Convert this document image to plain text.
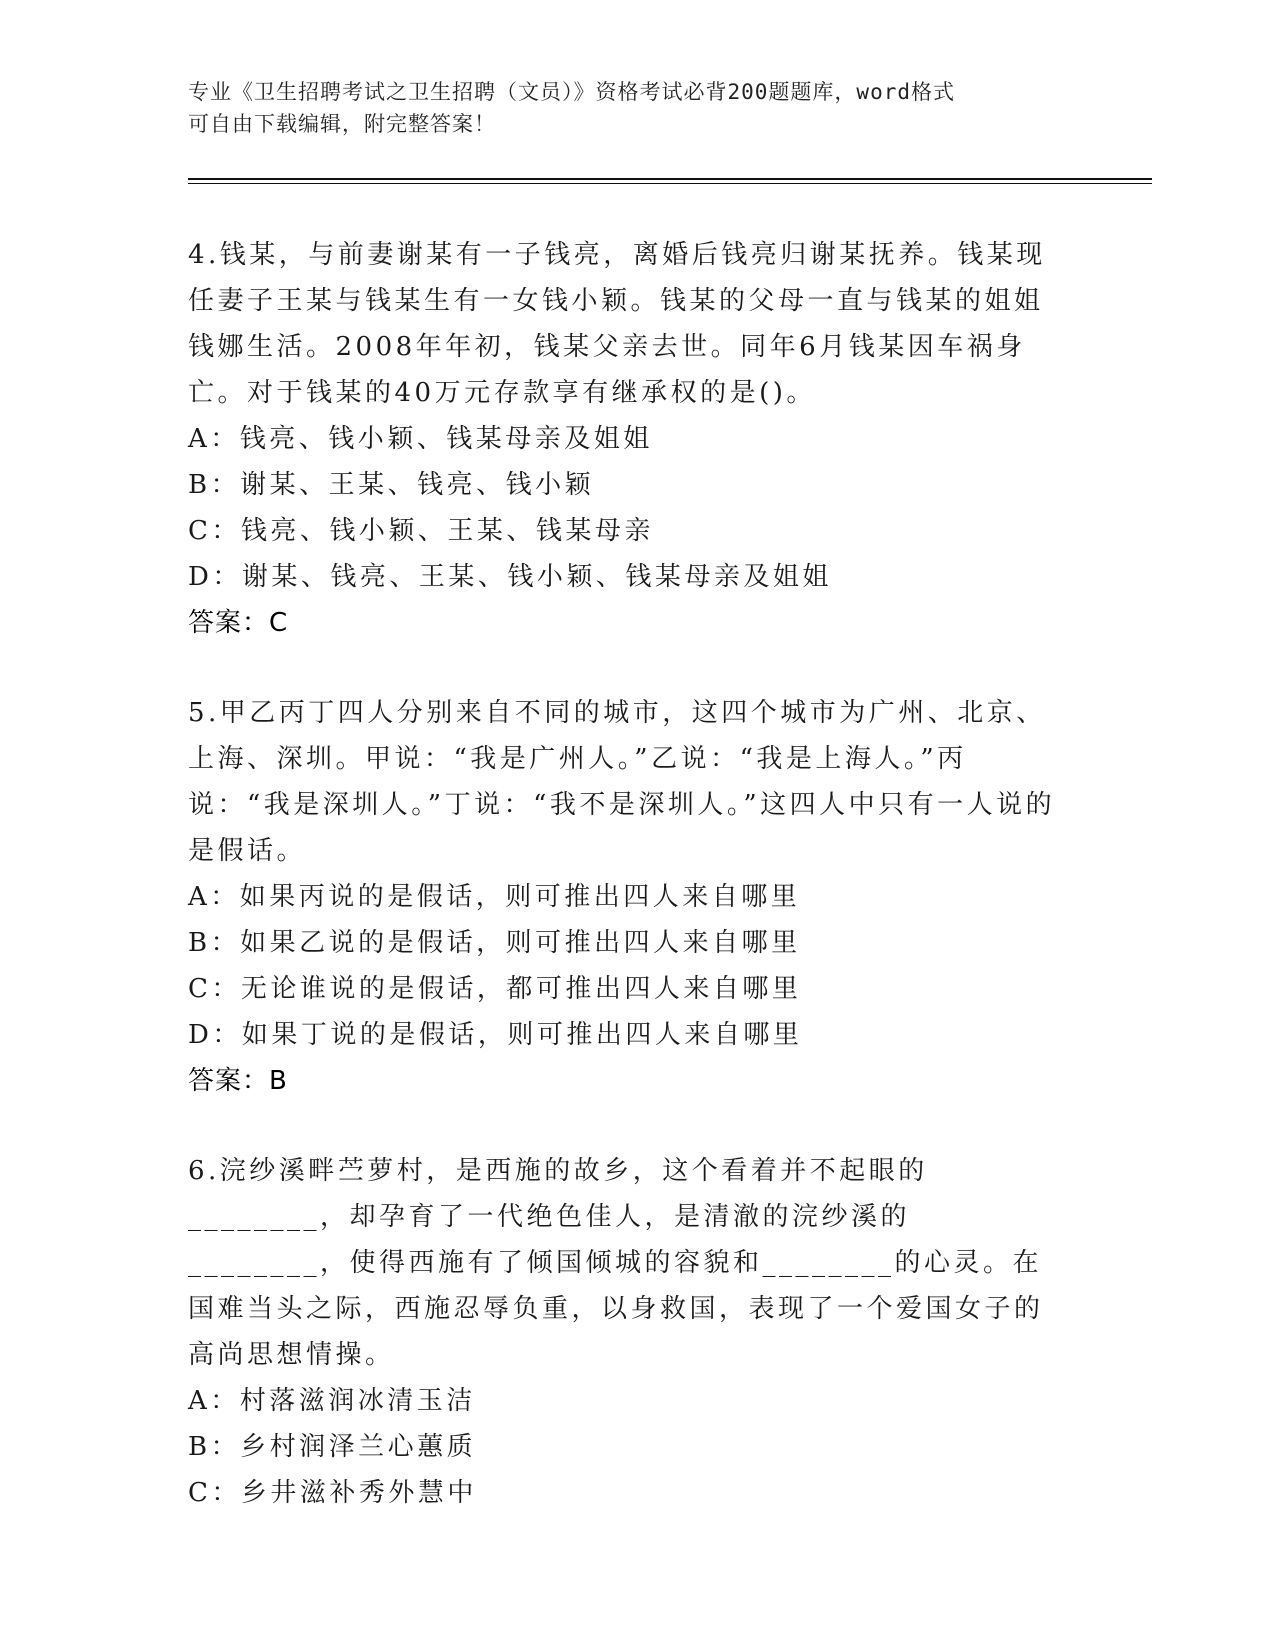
专业《卫生招聘考试之卫生招聘（文员）》资格考试必背200题题库，word格式
可自由下载编辑，附完整答案！

4.钱某，与前妻谢某有一子钱亮，离婚后钱亮归谢某抚养。钱某现任妻子王某与钱某生有一女钱小颖。钱某的父母一直与钱某的姐姐钱娜生活。2008年年初，钱某父亲去世。同年6月钱某因车祸身亡。对于钱某的40万元存款享有继承权的是()。

A：钱亮、钱小颖、钱某母亲及姐姐
B：谢某、王某、钱亮、钱小颖
C：钱亮、钱小颖、王某、钱某母亲
D：谢某、钱亮、王某、钱小颖、钱某母亲及姐姐
答案：C

5.甲乙丙丁四人分别来自不同的城市，这四个城市为广州、北京、上海、深圳。甲说：“我是广州人。”乙说：“我是上海人。”丙说：“我是深圳人。”丁说：“我不是深圳人。”这四人中只有一人说的是假话。

A：如果丙说的是假话，则可推出四人来自哪里
B：如果乙说的是假话，则可推出四人来自哪里
C：无论谁说的是假话，都可推出四人来自哪里
D：如果丁说的是假话，则可推出四人来自哪里
答案：B

6.浣纱溪畔苎萝村，是西施的故乡，这个看着并不起眼的________，却孕育了一代绝色佳人，是清澈的浣纱溪的________，使得西施有了倾国倾城的容貌和________的心灵。在国难当头之际，西施忍辱负重，以身救国，表现了一个爱国女子的高尚思想情操。

A：村落滋润冰清玉洁
B：乡村润泽兰心蕙质
C：乡井滋补秀外慧中
